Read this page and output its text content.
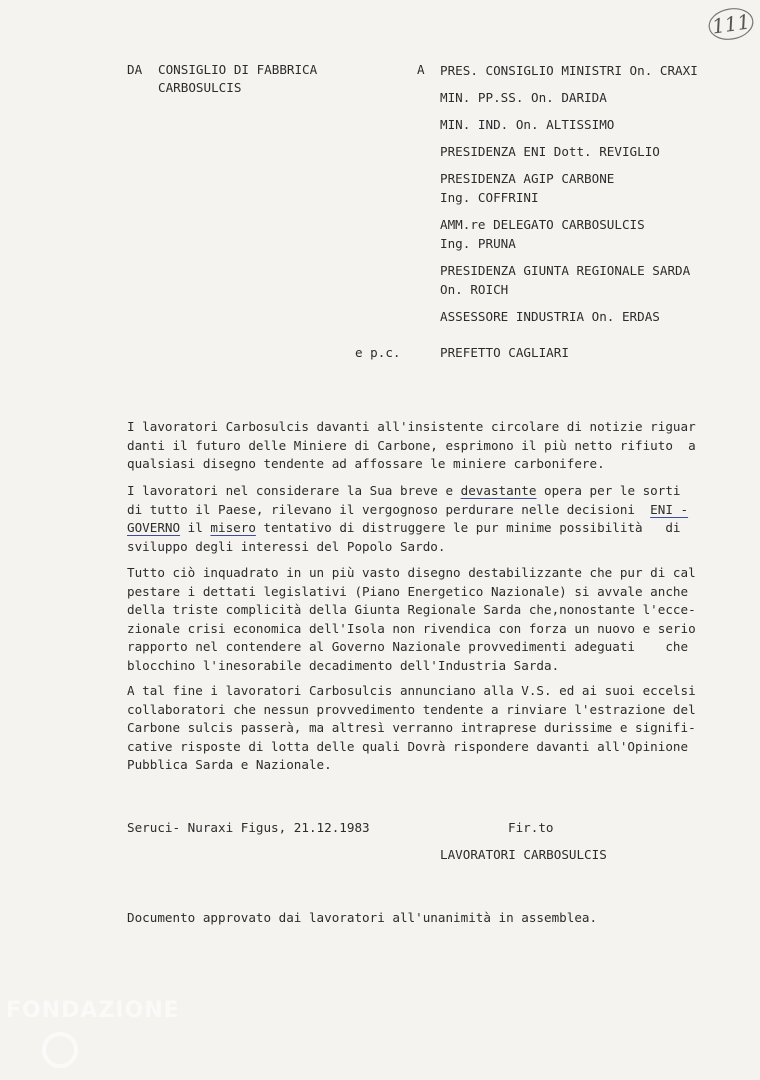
111
DA CONSIGLIO DI FABBRICA
CARBOSULCIS
A PRES. CONSIGLIO MINISTRI On. CRAXI
MIN. PP.SS. On. DARIDA
MIN. IND. On. ALTISSIMO
PRESIDENZA ENI Dott. REVIGLIO
PRESIDENZA AGIP CARBONE
Ing. COFFRINI
AMM.re DELEGATO CARBOSULCIS
Ing. PRUNA
PRESIDENZA GIUNTA REGIONALE SARDA
On. ROICH
ASSESSORE INDUSTRIA On. ERDAS
e p.c.	PREFETTO CAGLIARI
I lavoratori Carbosulcis davanti all'insistente circolare di notizie riguar
danti il futuro delle Miniere di Carbone, esprimono il più netto rifiuto  a
qualsiasi disegno tendente ad affossare le miniere carbonifere.
I lavoratori nel considerare la Sua breve e devastante opera per le sorti
di tutto il Paese, rilevano il vergognoso perdurare nelle decisioni  ENI -
GOVERNO il misero tentativo di distruggere le pur minime possibilità   di
sviluppo degli interessi del Popolo Sardo.
Tutto ciò inquadrato in un più vasto disegno destabilizzante che pur di cal
pestare i dettati legislativi (Piano Energetico Nazionale) si avvale anche
della triste complicità della Giunta Regionale Sarda che,nonostante l'ecce-
zionale crisi economica dell'Isola non rivendica con forza un nuovo e serio
rapporto nel contendere al Governo Nazionale provvedimenti adeguati    che
blocchino l'inesorabile decadimento dell'Industria Sarda.
A tal fine i lavoratori Carbosulcis annunciano alla V.S. ed ai suoi eccelsi
collaboratori che nessun provvedimento tendente a rinviare l'estrazione del
Carbone sulcis passerà, ma altresì verranno intraprese durissime e signifi-
cative risposte di lotta delle quali Dovrà rispondere davanti all'Opinione
Pubblica Sarda e Nazionale.
Seruci- Nuraxi Figus, 21.12.1983	Fir.to
LAVORATORI CARBOSULCIS
Documento approvato dai lavoratori all'unanimità in assemblea.
FONDAZIONE
